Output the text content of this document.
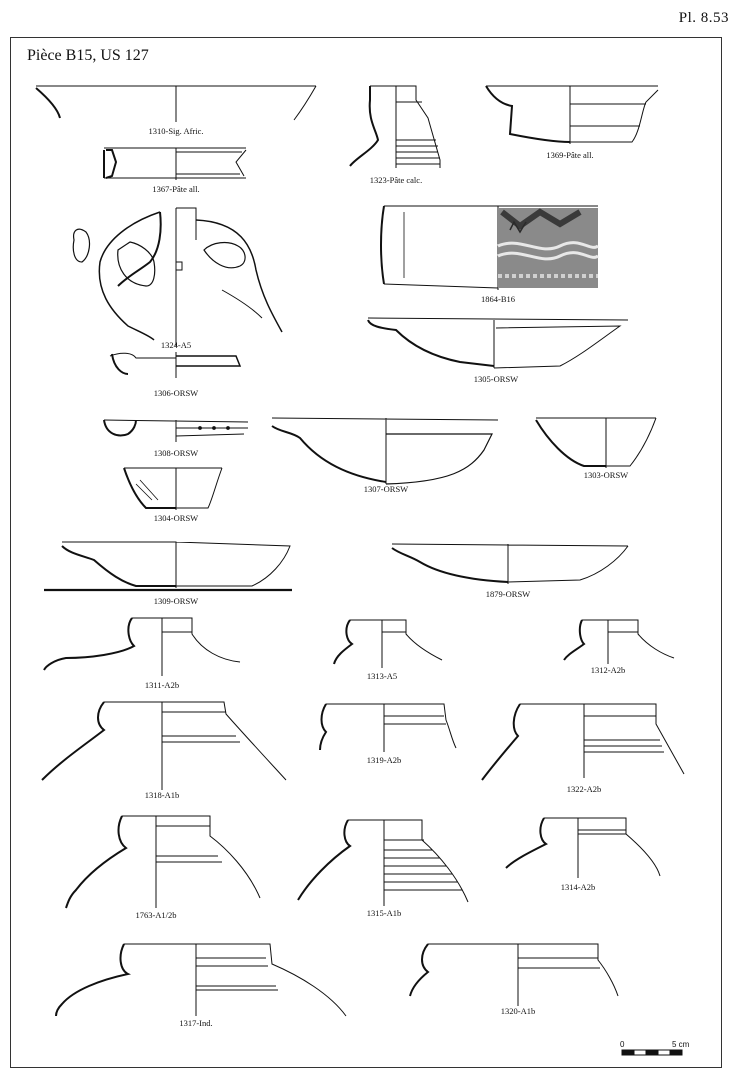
Pl. 8.53
Pièce B15, US 127
1310-Sig. Afric.
1367-Pâte all.
1323-Pâte calc.
1369-Pâte all.
1324-A5
1864-B16
1306-ORSW
1305-ORSW
1308-ORSW
1307-ORSW
1303-ORSW
1304-ORSW
1309-ORSW
1879-ORSW
1311-A2b
1313-A5
1312-A2b
1318-A1b
1319-A2b
1322-A2b
1763-A1/2b	1315-A1b
1314-A2b
1317-Ind.
1320-A1b
0	5 cm
